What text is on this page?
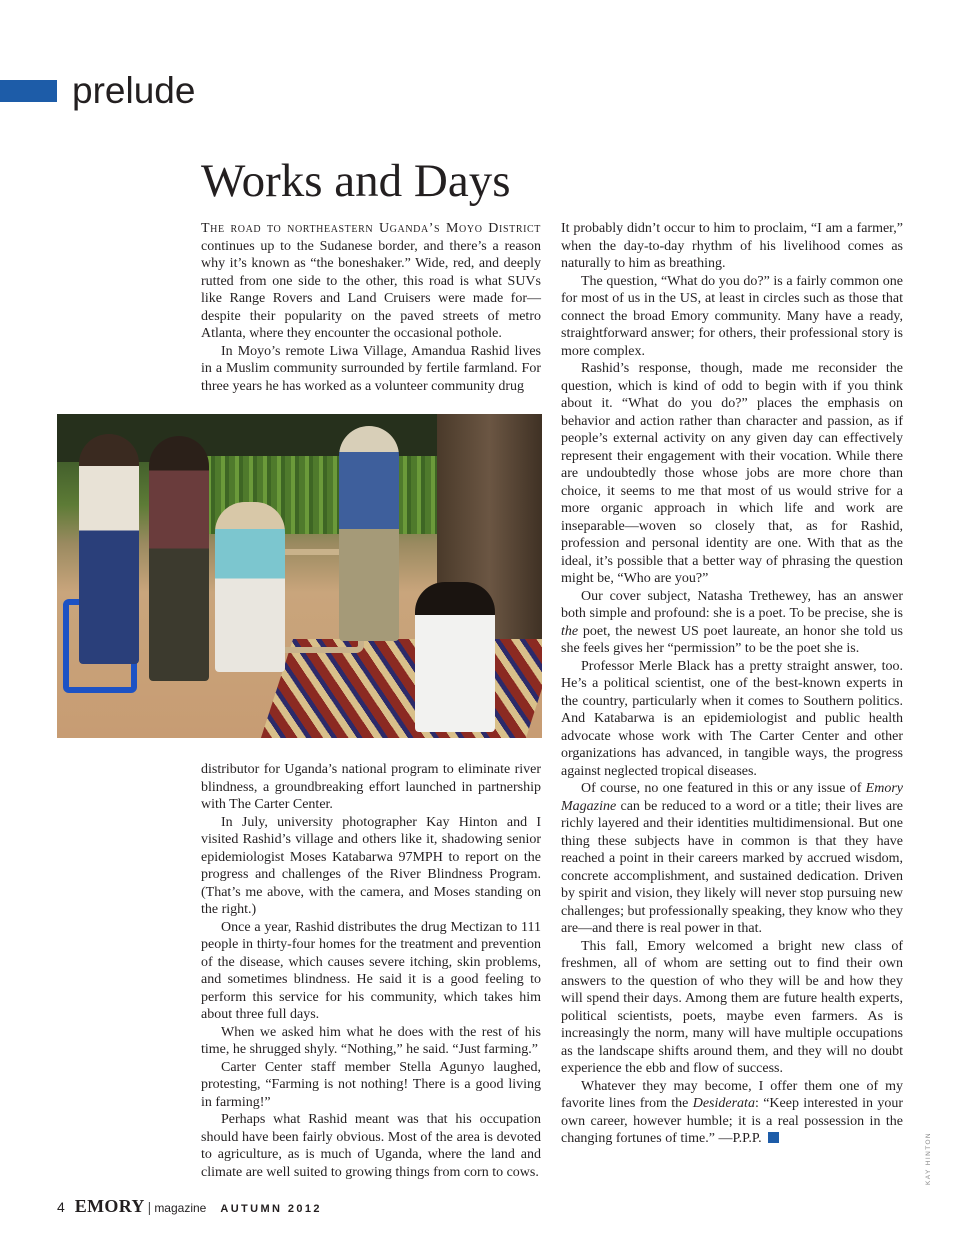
prelude
Works and Days

The road to northeastern Uganda’s Moyo District continues up to the Sudanese border, and there’s a reason why it’s known as “the boneshaker.” Wide, red, and deeply rutted from one side to the other, this road is what SUVs like Range Rovers and Land Cruisers were made for—despite their popularity on the paved streets of metro Atlanta, where they encounter the occasional pothole.

In Moyo’s remote Liwa Village, Amandua Rashid lives in a Muslim community surrounded by fertile farmland. For three years he has worked as a volunteer community drug

distributor for Uganda’s national program to eliminate river blindness, a groundbreaking effort launched in partnership with The Carter Center.

In July, university photographer Kay Hinton and I visited Rashid’s village and others like it, shadowing senior epidemiologist Moses Katabarwa 97MPH to report on the progress and challenges of the River Blindness Program. (That’s me above, with the camera, and Moses standing on the right.)

Once a year, Rashid distributes the drug Mectizan to 111 people in thirty-four homes for the treatment and prevention of the disease, which causes severe itching, skin problems, and sometimes blindness. He said it is a good feeling to perform this service for his community, which takes him about three full days.

When we asked him what he does with the rest of his time, he shrugged shyly. “Nothing,” he said. “Just farming.”

Carter Center staff member Stella Agunyo laughed, protesting, “Farming is not nothing! There is a good living in farming!”

Perhaps what Rashid meant was that his occupation should have been fairly obvious. Most of the area is devoted to agriculture, as is much of Uganda, where the land and climate are well suited to growing things from corn to cows.

It probably didn’t occur to him to proclaim, “I am a farmer,” when the day-to-day rhythm of his livelihood comes as naturally to him as breathing.

The question, “What do you do?” is a fairly common one for most of us in the US, at least in circles such as those that connect the broad Emory community. Many have a ready, straightforward answer; for others, their professional story is more complex.

Rashid’s response, though, made me reconsider the question, which is kind of odd to begin with if you think about it. “What do you do?” places the emphasis on behavior and action rather than character and passion, as if people’s external activity on any given day can effectively represent their engagement with their vocation. While there are undoubtedly those whose jobs are more chore than choice, it seems to me that most of us would strive for a more organic approach in which life and work are inseparable—woven so closely that, as for Rashid, profession and personal identity are one. With that as the ideal, it’s possible that a better way of phrasing the question might be, “Who are you?”

Our cover subject, Natasha Trethewey, has an answer both simple and profound: she is a poet. To be precise, she is the poet, the newest US poet laureate, an honor she told us she feels gives her “permission” to be the poet she is.

Professor Merle Black has a pretty straight answer, too. He’s a political scientist, one of the best-known experts in the country, particularly when it comes to Southern politics. And Katabarwa is an epidemiologist and public health advocate whose work with The Carter Center and other organizations has advanced, in tangible ways, the progress against neglected tropical diseases.

Of course, no one featured in this or any issue of Emory Magazine can be reduced to a word or a title; their lives are richly layered and their identities multidimensional. But one thing these subjects have in common is that they have reached a point in their careers marked by accrued wisdom, concrete accomplishment, and sustained dedication. Driven by spirit and vision, they likely will never stop pursuing new challenges; but professionally speaking, they know who they are—and there is real power in that.

This fall, Emory welcomed a bright new class of freshmen, all of whom are setting out to find their own answers to the question of who they will be and how they will spend their days. Among them are future health experts, political scientists, poets, maybe even farmers. As is increasingly the norm, many will have multiple occupations as the landscape shifts around them, and they will no doubt experience the ebb and flow of success.

Whatever they may become, I offer them one of my favorite lines from the Desiderata: “Keep interested in your own career, however humble; it is a real possession in the changing fortunes of time.” —P.P.P.	KAY HINTON
4 EMORY | magazine AUTUMN 2012
